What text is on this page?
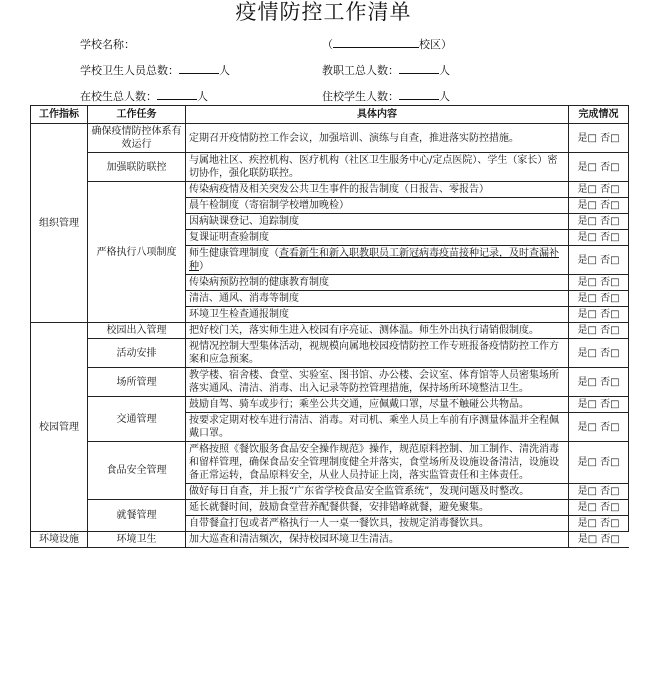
疫情防控工作清单
学校名称：	（	校区）
学校卫生人员总数：	人	教职工总人数：	人
在校生总人数：	人	住校学生人数：	人
工作指标	工作任务	具体内容	完成情况
组织管理	确保疫情防控体系有效运行	定期召开疫情防控工作会议，加强培训、演练与自查，推进落实防控措施。	是□ 否□
	加强联防联控	与属地社区、疾控机构、医疗机构（社区卫生服务中心/定点医院）、学生（家长）密切协作，强化联防联控。	是□ 否□
	严格执行八项制度	传染病疫情及相关突发公共卫生事件的报告制度（日报告、零报告）	是□ 否□
		晨午检制度（寄宿制学校增加晚检）	是□ 否□
		因病缺课登记、追踪制度	是□ 否□
		复课证明查验制度	是□ 否□
		师生健康管理制度（查看新生和新入职教职员工新冠病毒疫苗接种记录，及时查漏补种）	是□ 否□
		传染病预防控制的健康教育制度	是□ 否□
		清洁、通风、消毒等制度	是□ 否□
		环境卫生检查通报制度	是□ 否□
校园管理	校园出入管理	把好校门关，落实师生进入校园有序亮证、测体温。师生外出执行请销假制度。	是□ 否□
	活动安排	视情况控制大型集体活动，视规模向属地校园疫情防控工作专班报备疫情防控工作方案和应急预案。	是□ 否□
	场所管理	教学楼、宿舍楼、食堂、实验室、图书馆、办公楼、会议室、体育馆等人员密集场所落实通风、清洁、消毒、出入记录等防控管理措施，保持场所环境整洁卫生。	是□ 否□
	交通管理	鼓励自驾、骑车或步行；乘坐公共交通，应佩戴口罩，尽量不触碰公共物品。	是□ 否□
		按要求定期对校车进行清洁、消毒。对司机、乘坐人员上车前有序测量体温并全程佩戴口罩。	是□ 否□
	食品安全管理	严格按照《餐饮服务食品安全操作规范》操作，规范原料控制、加工制作、清洗消毒和留样管理，确保食品安全管理制度健全并落实，食堂场所及设施设备清洁，设施设备正常运转，食品原料安全，从业人员持证上岗，落实监管责任和主体责任。	是□ 否□
		做好每日自查，并上报“广东省学校食品安全监管系统”，发现问题及时整改。	是□ 否□
	就餐管理	延长就餐时间，鼓励食堂营养配餐供餐，安排错峰就餐，避免聚集。	是□ 否□
		自带餐盒打包或者严格执行一人一桌一餐饮具，按规定消毒餐饮具。	是□ 否□
环境设施	环境卫生	加大巡查和清洁频次，保持校园环境卫生清洁。	是□ 否□
